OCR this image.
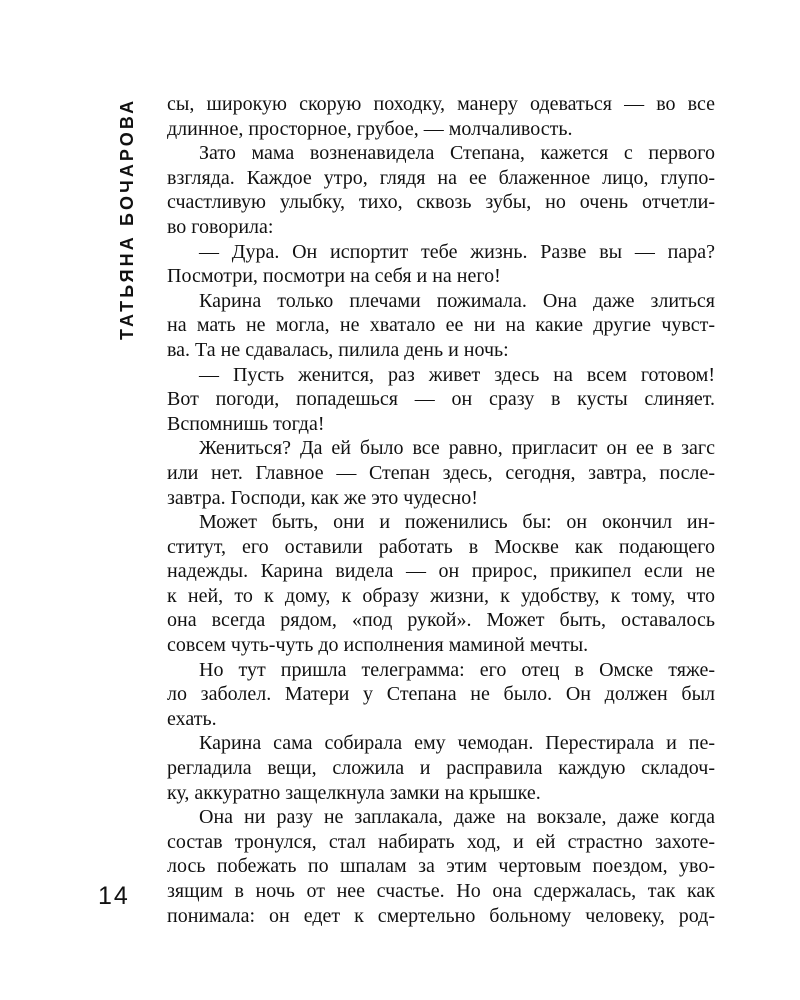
ТАТЬЯНА БОЧАРОВА сы, широкую скорую походку, манеру одеваться — во все
длинное, просторное, грубое, — молчаливость.
Зато мама возненавидела Степана, кажется с первого
взгляда. Каждое утро, глядя на ее блаженное лицо, глупо-
счастливую улыбку, тихо, сквозь зубы, но очень отчетли-
во говорила:
— Дура. Он испортит тебе жизнь. Разве вы — пара?
Посмотри, посмотри на себя и на него!
Карина только плечами пожимала. Она даже злиться
на мать не могла, не хватало ее ни на какие другие чувст-
ва. Та не сдавалась, пилила день и ночь:
— Пусть женится, раз живет здесь на всем готовом!
Вот погоди, попадешься — он сразу в кусты слиняет.
Вспомнишь тогда!
Жениться? Да ей было все равно, пригласит он ее в загс
или нет. Главное — Степан здесь, сегодня, завтра, после-
завтра. Господи, как же это чудесно!
Может быть, они и поженились бы: он окончил ин-
ститут, его оставили работать в Москве как подающего
надежды. Карина видела — он прирос, прикипел если не
к ней, то к дому, к образу жизни, к удобству, к тому, что
она всегда рядом, «под рукой». Может быть, оставалось
совсем чуть-чуть до исполнения маминой мечты.
Но тут пришла телеграмма: его отец в Омске тяже-
ло заболел. Матери у Степана не было. Он должен был
ехать.
Карина сама собирала ему чемодан. Перестирала и пе-
регладила вещи, сложила и расправила каждую складоч-
ку, аккуратно защелкнула замки на крышке.
Она ни разу не заплакала, даже на вокзале, даже когда
состав тронулся, стал набирать ход, и ей страстно захоте-
лось побежать по шпалам за этим чертовым поездом, уво-
зящим в ночь от нее счастье. Но она сдержалась, так как
понимала: он едет к смертельно больному человеку, род-
14
